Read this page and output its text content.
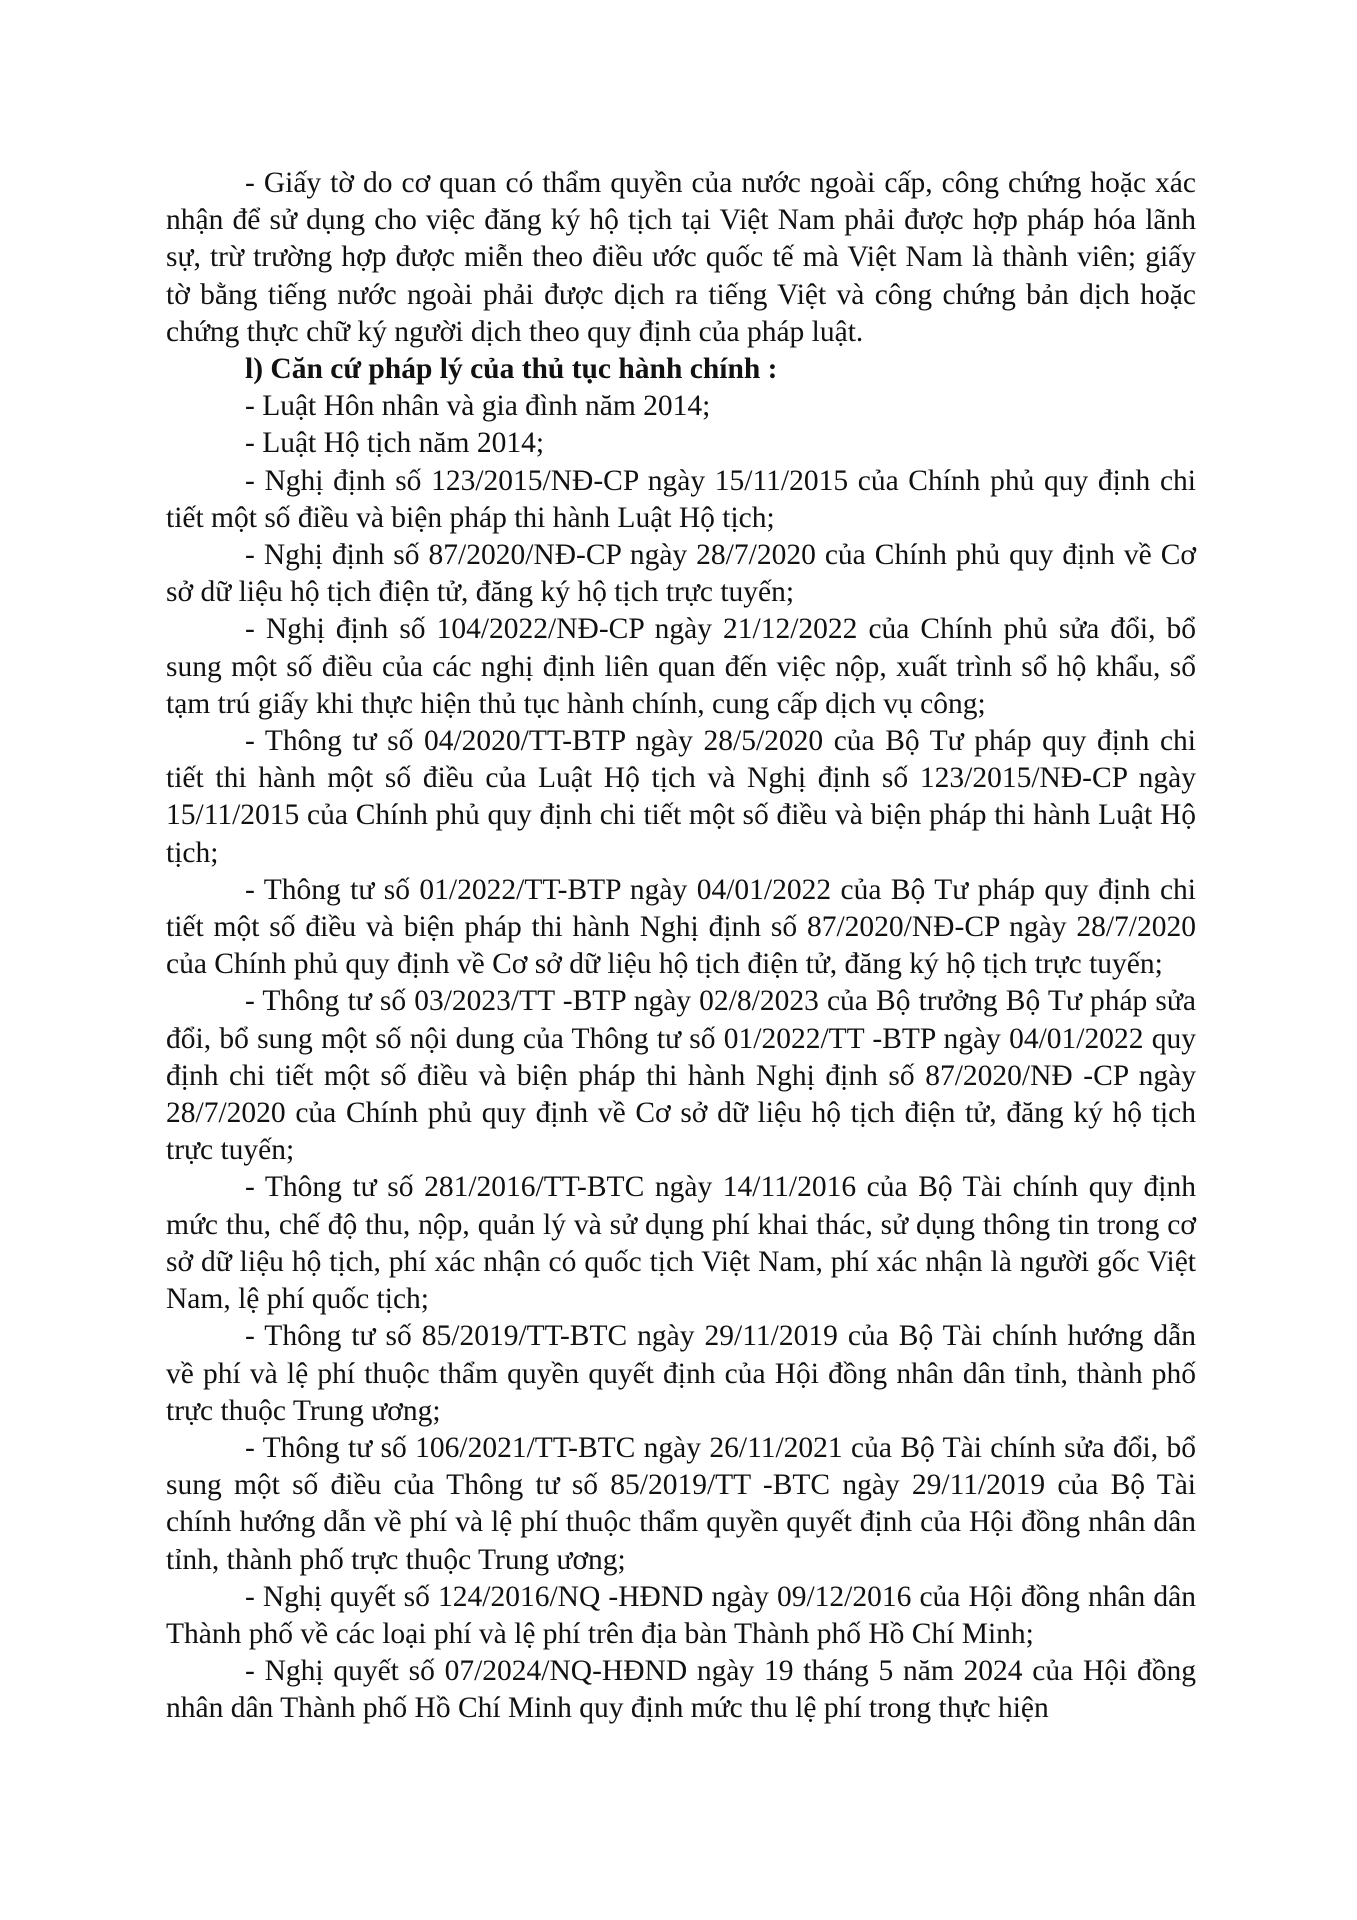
- Giấy tờ do cơ quan có thẩm quyền của nước ngoài cấp, công chứng hoặc xác nhận để sử dụng cho việc đăng ký hộ tịch tại Việt Nam phải được hợp pháp hóa lãnh sự, trừ trường hợp được miễn theo điều ước quốc tế mà Việt Nam là thành viên; giấy tờ bằng tiếng nước ngoài phải được dịch ra tiếng Việt và công chứng bản dịch hoặc chứng thực chữ ký người dịch theo quy định của pháp luật.

l) Căn cứ pháp lý của thủ tục hành chính :

- Luật Hôn nhân và gia đình năm 2014;

- Luật Hộ tịch năm 2014;

- Nghị định số 123/2015/NĐ-CP ngày 15/11/2015 của Chính phủ quy định chi tiết một số điều và biện pháp thi hành Luật Hộ tịch;

- Nghị định số 87/2020/NĐ-CP ngày 28/7/2020 của Chính phủ quy định về Cơ sở dữ liệu hộ tịch điện tử, đăng ký hộ tịch trực tuyến;

- Nghị định số 104/2022/NĐ-CP ngày 21/12/2022 của Chính phủ sửa đổi, bổ sung một số điều của các nghị định liên quan đến việc nộp, xuất trình sổ hộ khẩu, sổ tạm trú giấy khi thực hiện thủ tục hành chính, cung cấp dịch vụ công;

- Thông tư số 04/2020/TT-BTP ngày 28/5/2020 của Bộ Tư pháp quy định chi tiết thi hành một số điều của Luật Hộ tịch và Nghị định số 123/2015/NĐ-CP ngày 15/11/2015 của Chính phủ quy định chi tiết một số điều và biện pháp thi hành Luật Hộ tịch;

- Thông tư số 01/2022/TT-BTP ngày 04/01/2022 của Bộ Tư pháp quy định chi tiết một số điều và biện pháp thi hành Nghị định số 87/2020/NĐ-CP ngày 28/7/2020 của Chính phủ quy định về Cơ sở dữ liệu hộ tịch điện tử, đăng ký hộ tịch trực tuyến;

- Thông tư số 03/2023/TT -BTP ngày 02/8/2023 của Bộ trưởng Bộ Tư pháp sửa đổi, bổ sung một số nội dung của Thông tư số 01/2022/TT -BTP ngày 04/01/2022 quy định chi tiết một số điều và biện pháp thi hành Nghị định số 87/2020/NĐ -CP ngày 28/7/2020 của Chính phủ quy định về Cơ sở dữ liệu hộ tịch điện tử, đăng ký hộ tịch trực tuyến;

- Thông tư số 281/2016/TT-BTC ngày 14/11/2016 của Bộ Tài chính quy định mức thu, chế độ thu, nộp, quản lý và sử dụng phí khai thác, sử dụng thông tin trong cơ sở dữ liệu hộ tịch, phí xác nhận có quốc tịch Việt Nam, phí xác nhận là người gốc Việt Nam, lệ phí quốc tịch;

- Thông tư số 85/2019/TT-BTC ngày 29/11/2019 của Bộ Tài chính hướng dẫn về phí và lệ phí thuộc thẩm quyền quyết định của Hội đồng nhân dân tỉnh, thành phố trực thuộc Trung ương;

- Thông tư số 106/2021/TT-BTC ngày 26/11/2021 của Bộ Tài chính sửa đổi, bổ sung một số điều của Thông tư số 85/2019/TT -BTC ngày 29/11/2019 của Bộ Tài chính hướng dẫn về phí và lệ phí thuộc thẩm quyền quyết định của Hội đồng nhân dân tỉnh, thành phố trực thuộc Trung ương;

- Nghị quyết số 124/2016/NQ -HĐND ngày 09/12/2016 của Hội đồng nhân dân Thành phố về các loại phí và lệ phí trên địa bàn Thành phố Hồ Chí Minh;

- Nghị quyết số 07/2024/NQ-HĐND ngày 19 tháng 5 năm 2024 của Hội đồng nhân dân Thành phố Hồ Chí Minh quy định mức thu lệ phí trong thực hiện
